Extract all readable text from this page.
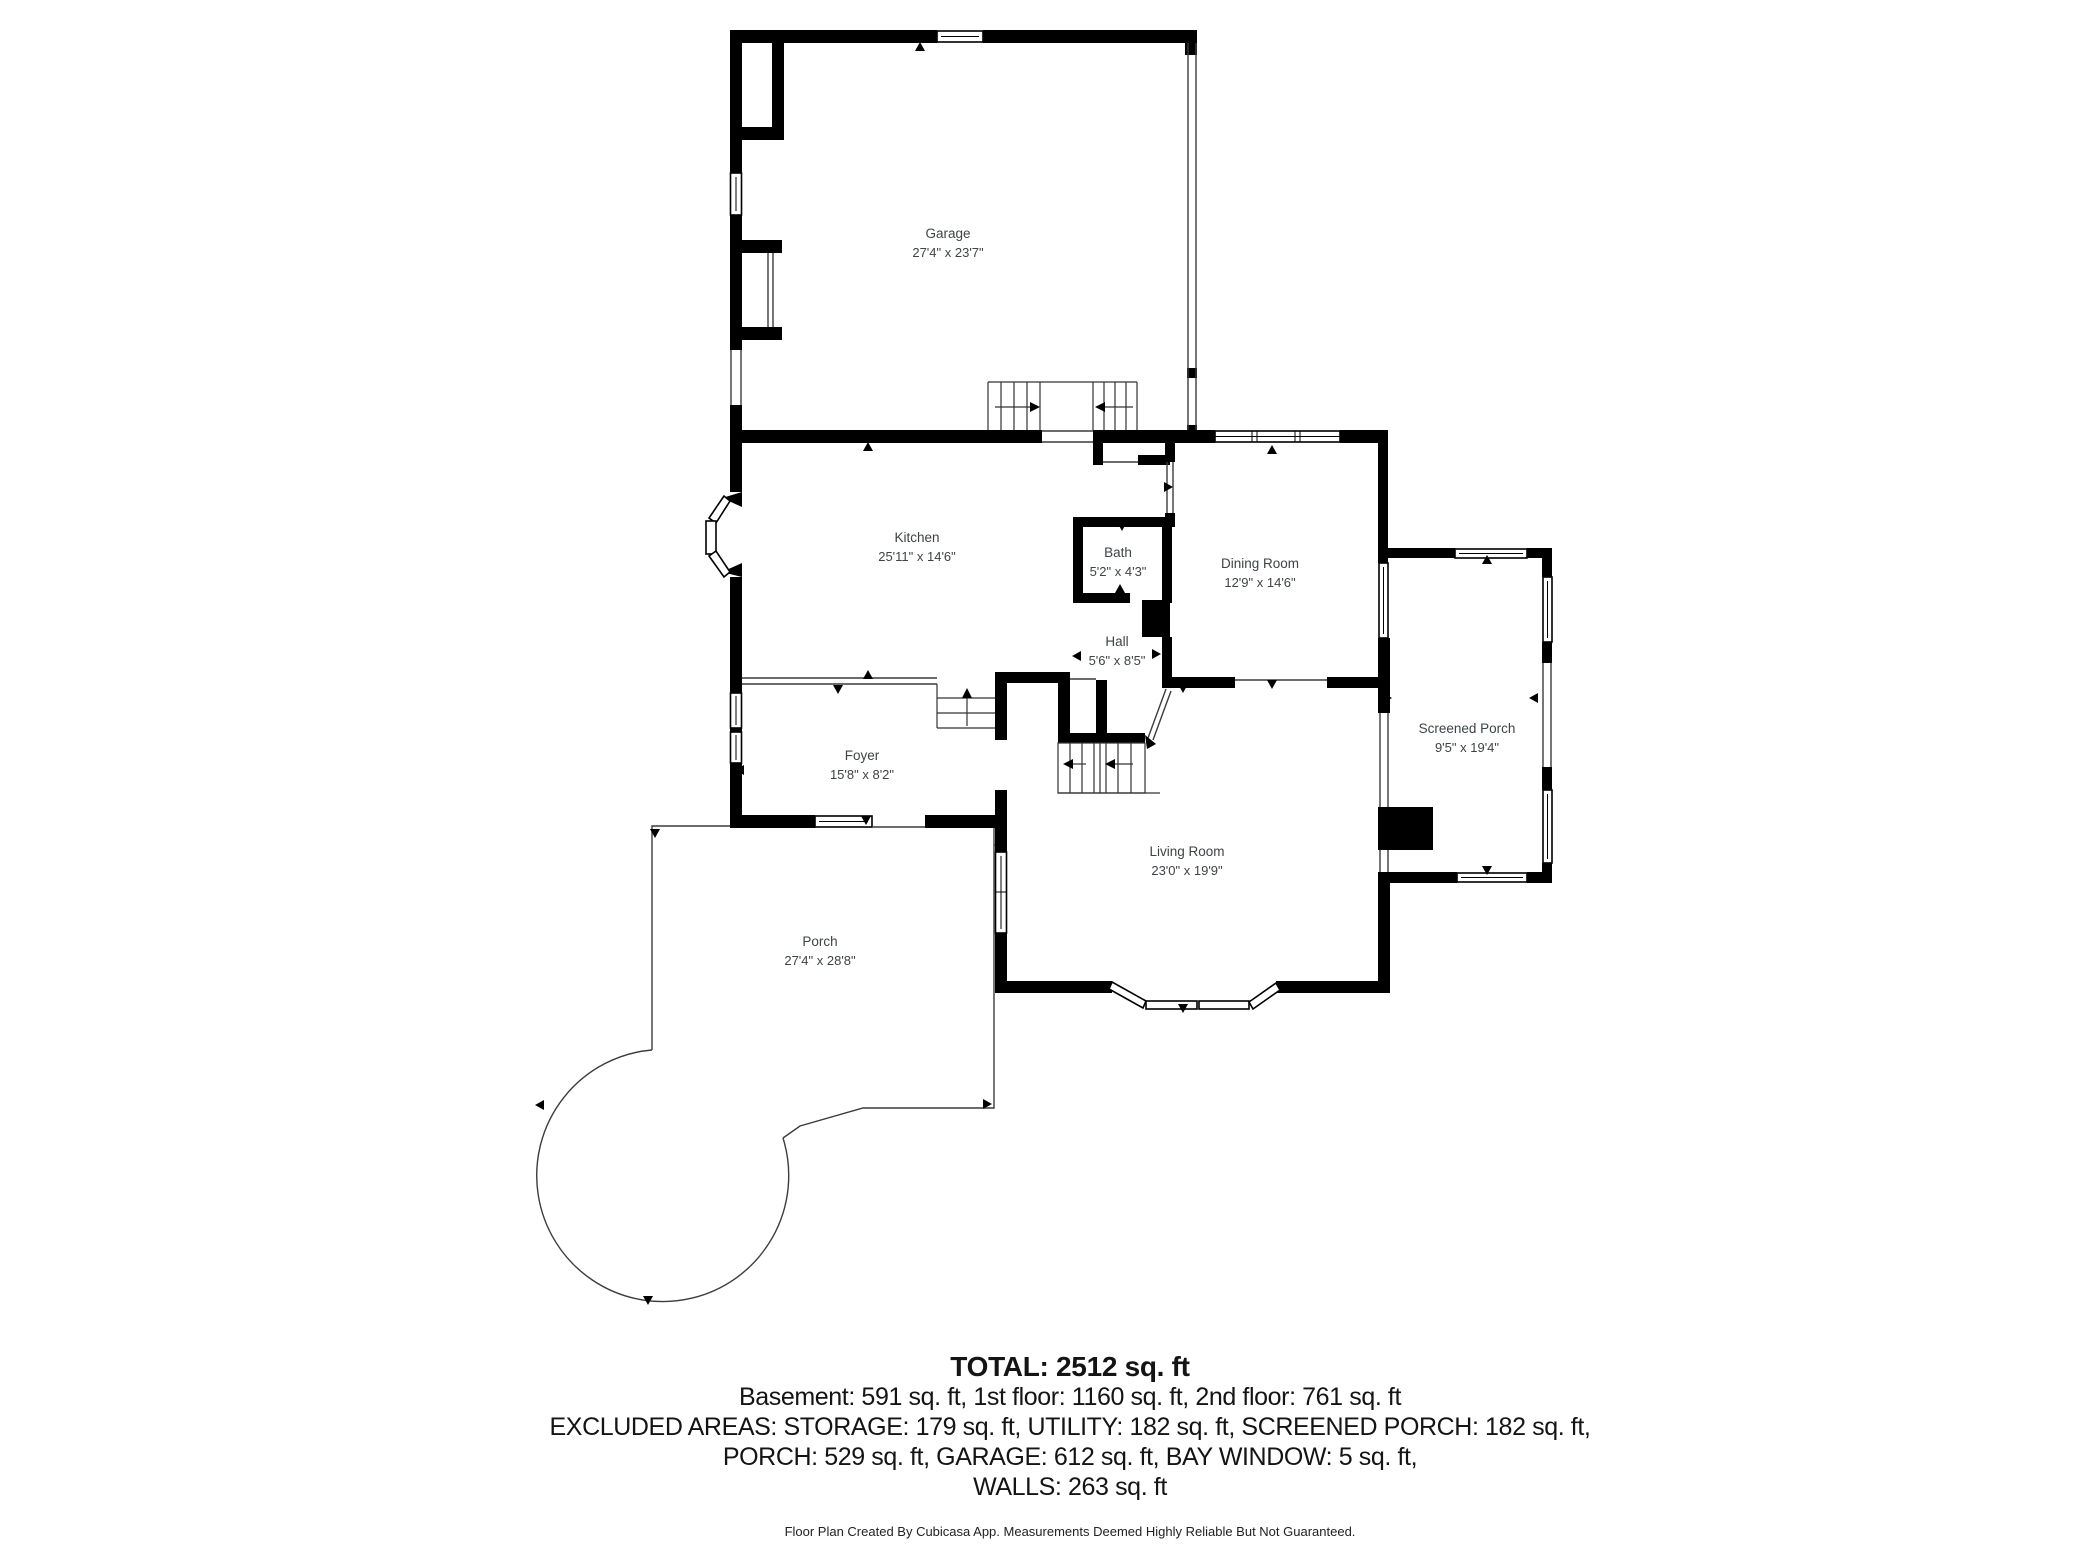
Garage
27'4" x 23'7"
Kitchen
25'11" x 14'6"	Bath
5'2" x 4'3"
Dining Room
12'9" x 14'6"
Hall
5'6" x 8'5"
Screened Porch
9'5" x 19'4"
Foyer
15'8" x 8'2"
Living Room
23'0" x 19'9"
Porch
27'4" x 28'8"
TOTAL: 2512 sq. ft
Basement: 591 sq. ft, 1st floor: 1160 sq. ft, 2nd floor: 761 sq. ft
EXCLUDED AREAS: STORAGE: 179 sq. ft, UTILITY: 182 sq. ft, SCREENED PORCH: 182 sq. ft,
PORCH: 529 sq. ft, GARAGE: 612 sq. ft, BAY WINDOW: 5 sq. ft,
WALLS: 263 sq. ft
Floor Plan Created By Cubicasa App. Measurements Deemed Highly Reliable But Not Guaranteed.
